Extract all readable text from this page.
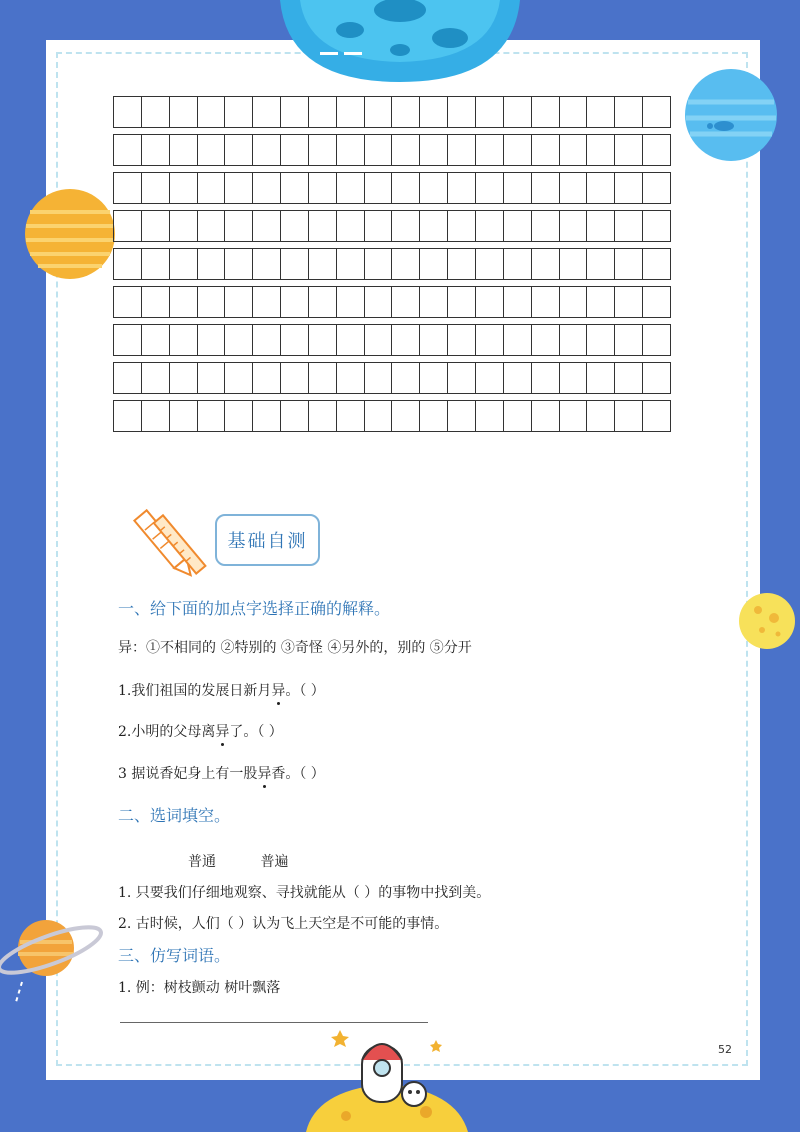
基础自测
一、给下面的加点字选择正确的解释。
异：①不相同的 ②特别的 ③奇怪 ④另外的，别的 ⑤分开
1.我们祖国的发展日新月异。（ ）
2.小明的父母离异了。（ ）
3 据说香妃身上有一股异香。（ ）
二、选词填空。
普通          普遍
1. 只要我们仔细地观察、寻找就能从（ ）的事物中找到美。
2. 古时候，人们（ ）认为飞上天空是不可能的事情。
三、仿写词语。
1. 例：树枝颤动 树叶飘落
52
